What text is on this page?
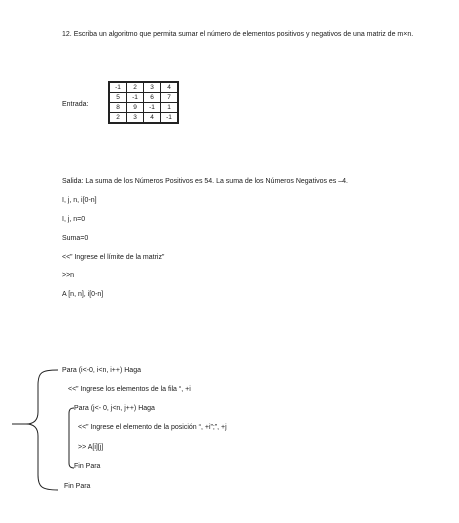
12. Escriba un algoritmo que permita sumar el número de elementos positivos y negativos de una matriz de m×n.
Entrada:
-1	2	3	4
5	-1	6	7
8	9	-1	1
2	3	4	-1
Salida: La suma de los Números Positivos es 54. La suma de los Números Negativos es –4.
I, j, n, i[0-n]
I, j, n=0
Suma=0
<<” Ingrese el límite de la matriz”
>>n
A [n, n], i[0-n]
Para (i<-0, i<n, i++) Haga
<<” Ingrese los elementos de la fila “, +i
Para (j<- 0, j<n, j++) Haga
<<” Ingrese el elemento de la posición “, +i”;”, +j
>> A[i][j]
Fin Para
Fin Para
